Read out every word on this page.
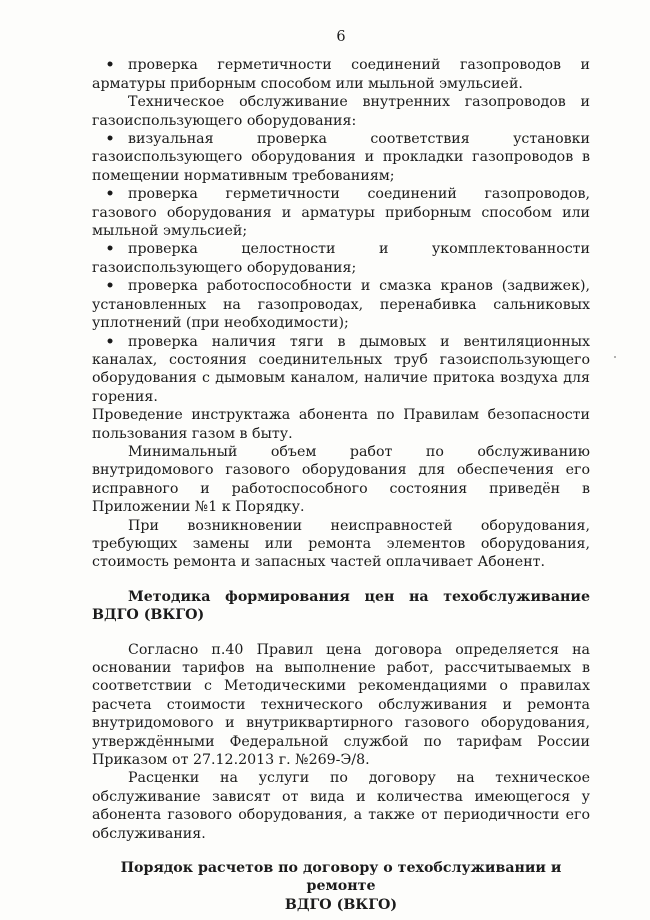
6
• проверка герметичности соединений газопроводов и

арматуры приборным способом или мыльной эмульсией.

Техническое обслуживание внутренних газопроводов и газоиспользующего оборудования:

• визуальная проверка соответствия установки

газоиспользующего оборудования и прокладки газопроводов в помещении нормативным требованиям;

• проверка герметичности соединений газопроводов,

газового оборудования и арматуры приборным способом или мыльной эмульсией;

• проверка целостности и укомплектованности

газоиспользующего оборудования;

• проверка работоспособности и смазка кранов (задвижек),

установленных на газопроводах, перенабивка сальниковых уплотнений (при необходимости);

• проверка наличия тяги в дымовых и вентиляционных

каналах, состояния соединительных труб газоиспользующего оборудования с дымовым каналом, наличие притока воздуха для горения.

Проведение инструктажа абонента по Правилам безопасности пользования газом в быту.

Минимальный объем работ по обслуживанию внутридомового газового оборудования для обеспечения его исправного и работоспособного состояния приведён в Приложении №1 к Порядку.

При возникновении неисправностей оборудования, требующих замены или ремонта элементов оборудования, стоимость ремонта и запасных частей оплачивает Абонент.

Методика формирования цен на техобслуживание ВДГО (ВКГО)

Согласно п.40 Правил цена договора определяется на основании тарифов на выполнение работ, рассчитываемых в соответствии с Методическими рекомендациями о правилах расчета стоимости технического обслуживания и ремонта внутридомового и внутриквартирного газового оборудования, утверждёнными Федеральной службой по тарифам России Приказом от 27.12.2013 г. №269-Э/8.

Расценки на услуги по договору на техническое обслуживание зависят от вида и количества имеющегося у абонента газового оборудования, а также от периодичности его обслуживания.

Порядок расчетов по договору о техобслуживании и ремонте
ВДГО (ВКГО)
